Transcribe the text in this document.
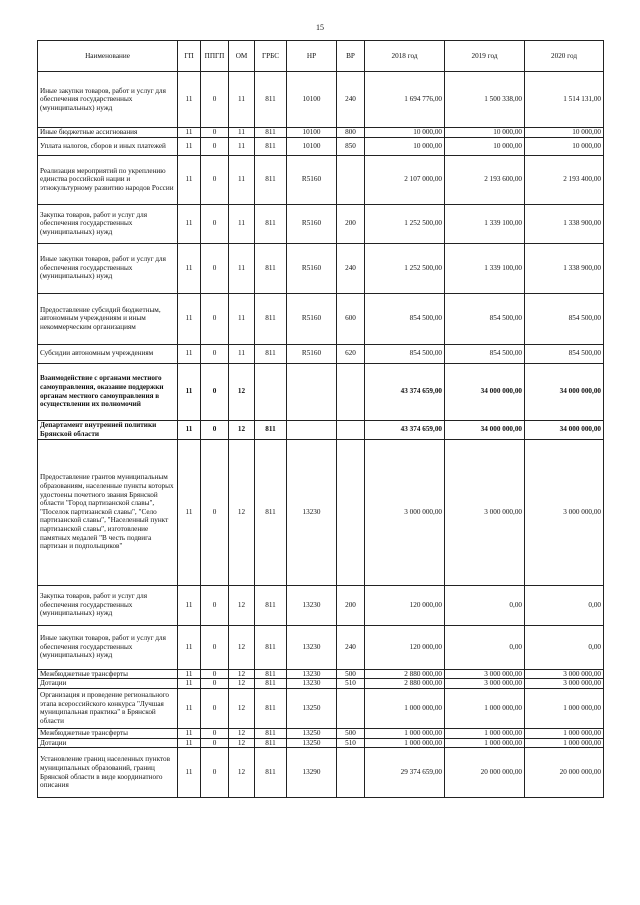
15
Наименование	ГП	ППГП	ОМ	ГРБС	НР	ВР	2018 год	2019 год	2020 год
Иные закупки товаров, работ и услуг для обеспечения государственных (муниципальных) нужд	11	0	11	811	10100	240	1 694 776,00	1 500 338,00	1 514 131,00
Иные бюджетные ассигнования	11	0	11	811	10100	800	10 000,00	10 000,00	10 000,00
Уплата налогов, сборов и иных платежей	11	0	11	811	10100	850	10 000,00	10 000,00	10 000,00
Реализация мероприятий по укреплению единства российской нации и этнокультурному развитию народов России	11	0	11	811	R5160		2 107 000,00	2 193 600,00	2 193 400,00
Закупка товаров, работ и услуг для обеспечения государственных (муниципальных) нужд	11	0	11	811	R5160	200	1 252 500,00	1 339 100,00	1 338 900,00
Иные закупки товаров, работ и услуг для обеспечения государственных (муниципальных) нужд	11	0	11	811	R5160	240	1 252 500,00	1 339 100,00	1 338 900,00
Предоставление субсидий бюджетным, автономным учреждениям и иным некоммерческим организациям	11	0	11	811	R5160	600	854 500,00	854 500,00	854 500,00
Субсидии автономным учреждениям	11	0	11	811	R5160	620	854 500,00	854 500,00	854 500,00
Взаимодействие с органами местного самоуправления, оказание поддержки органам местного самоуправления в осуществлении их полномочий	11	0	12				43 374 659,00	34 000 000,00	34 000 000,00
Департамент внутренней политики Брянской области	11	0	12	811			43 374 659,00	34 000 000,00	34 000 000,00
Предоставление грантов муниципальным образованиям, населенные пункты которых удостоены почетного звания Брянской области "Город партизанской славы", "Поселок партизанской славы", "Село партизанской славы", "Населенный пункт партизанской славы", изготовление памятных медалей "В честь подвига партизан и подпольщиков"	11	0	12	811	13230		3 000 000,00	3 000 000,00	3 000 000,00
Закупка товаров, работ и услуг для обеспечения государственных (муниципальных) нужд	11	0	12	811	13230	200	120 000,00	0,00	0,00
Иные закупки товаров, работ и услуг для обеспечения государственных (муниципальных) нужд	11	0	12	811	13230	240	120 000,00	0,00	0,00
Межбюджетные трансферты	11	0	12	811	13230	500	2 880 000,00	3 000 000,00	3 000 000,00
Дотации	11	0	12	811	13230	510	2 880 000,00	3 000 000,00	3 000 000,00
Организация и проведение регионального этапа всероссийского конкурса "Лучшая муниципальная практика" в Брянской области	11	0	12	811	13250		1 000 000,00	1 000 000,00	1 000 000,00
Межбюджетные трансферты	11	0	12	811	13250	500	1 000 000,00	1 000 000,00	1 000 000,00
Дотации	11	0	12	811	13250	510	1 000 000,00	1 000 000,00	1 000 000,00
Установление границ населенных пунктов муниципальных образований, границ Брянской области в виде координатного описания	11	0	12	811	13290		29 374 659,00	20 000 000,00	20 000 000,00
